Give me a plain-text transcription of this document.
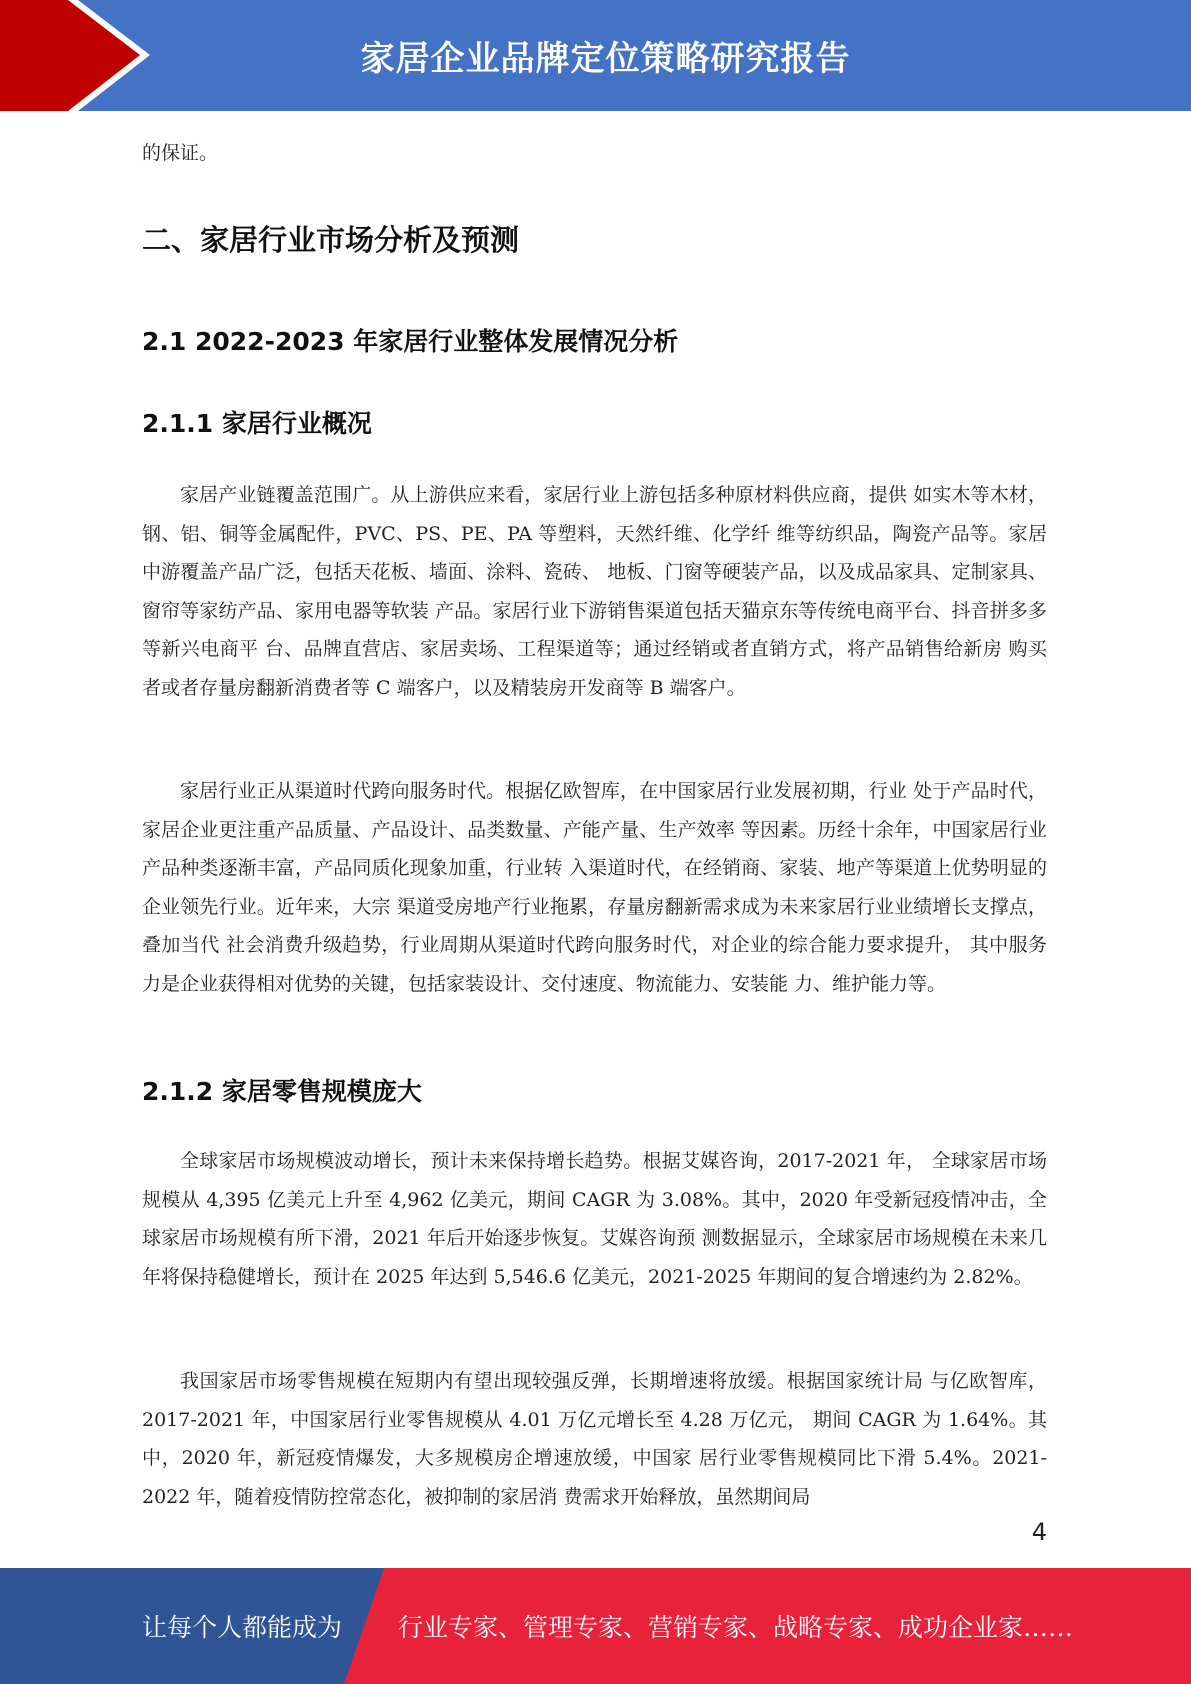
家居企业品牌定位策略研究报告

的保证。

二、家居行业市场分析及预测
2.1 2022-2023 年家居行业整体发展情况分析
2.1.1 家居行业概况

家居产业链覆盖范围广。从上游供应来看，家居行业上游包括多种原材料供应商，提供 如实木等木材，钢、铝、铜等金属配件，PVC、PS、PE、PA 等塑料，天然纤维、化学纤 维等纺织品，陶瓷产品等。家居中游覆盖产品广泛，包括天花板、墙面、涂料、瓷砖、 地板、门窗等硬装产品，以及成品家具、定制家具、窗帘等家纺产品、家用电器等软装 产品。家居行业下游销售渠道包括天猫京东等传统电商平台、抖音拼多多等新兴电商平 台、品牌直营店、家居卖场、工程渠道等；通过经销或者直销方式，将产品销售给新房 购买者或者存量房翻新消费者等 C 端客户，以及精装房开发商等 B 端客户。

家居行业正从渠道时代跨向服务时代。根据亿欧智库，在中国家居行业发展初期，行业 处于产品时代，家居企业更注重产品质量、产品设计、品类数量、产能产量、生产效率 等因素。历经十余年，中国家居行业产品种类逐渐丰富，产品同质化现象加重，行业转 入渠道时代，在经销商、家装、地产等渠道上优势明显的企业领先行业。近年来，大宗 渠道受房地产行业拖累，存量房翻新需求成为未来家居行业业绩增长支撑点，叠加当代 社会消费升级趋势，行业周期从渠道时代跨向服务时代，对企业的综合能力要求提升， 其中服务力是企业获得相对优势的关键，包括家装设计、交付速度、物流能力、安装能 力、维护能力等。

2.1.2 家居零售规模庞大

全球家居市场规模波动增长，预计未来保持增长趋势。根据艾媒咨询，2017-2021 年， 全球家居市场规模从 4,395 亿美元上升至 4,962 亿美元，期间 CAGR 为 3.08%。其中，2020 年受新冠疫情冲击，全球家居市场规模有所下滑，2021 年后开始逐步恢复。艾媒咨询预 测数据显示，全球家居市场规模在未来几年将保持稳健增长，预计在 2025 年达到 5,546.6 亿美元，2021-2025 年期间的复合增速约为 2.82%。

我国家居市场零售规模在短期内有望出现较强反弹，长期增速将放缓。根据国家统计局 与亿欧智库，2017-2021 年，中国家居行业零售规模从 4.01 万亿元增长至 4.28 万亿元， 期间 CAGR 为 1.64%。其中，2020 年，新冠疫情爆发，大多规模房企增速放缓，中国家 居行业零售规模同比下滑 5.4%。2021-2022 年，随着疫情防控常态化，被抑制的家居消 费需求开始释放，虽然期间局

4
让每个人都能成为 行业专家、管理专家、营销专家、战略专家、成功企业家……
